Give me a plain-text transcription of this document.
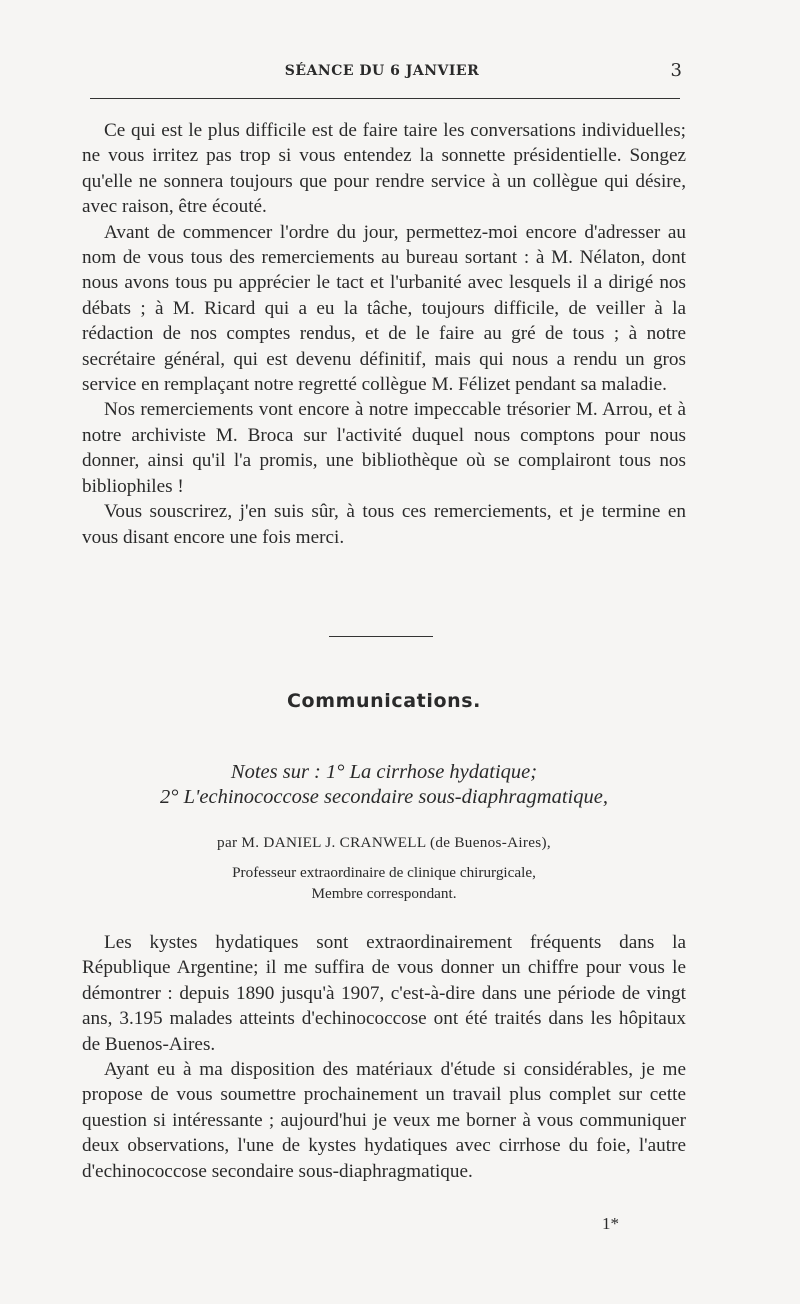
SÉANCE DU 6 JANVIER	3

Ce qui est le plus difficile est de faire taire les conversations individuelles; ne vous irritez pas trop si vous entendez la sonnette présidentielle. Songez qu'elle ne sonnera toujours que pour rendre service à un collègue qui désire, avec raison, être écouté.

Avant de commencer l'ordre du jour, permettez-moi encore d'adresser au nom de vous tous des remerciements au bureau sortant : à M. Nélaton, dont nous avons tous pu apprécier le tact et l'urbanité avec lesquels il a dirigé nos débats ; à M. Ricard qui a eu la tâche, toujours difficile, de veiller à la rédaction de nos comptes rendus, et de le faire au gré de tous ; à notre secrétaire général, qui est devenu définitif, mais qui nous a rendu un gros service en remplaçant notre regretté collègue M. Félizet pendant sa maladie.

Nos remerciements vont encore à notre impeccable trésorier M. Arrou, et à notre archiviste M. Broca sur l'activité duquel nous comptons pour nous donner, ainsi qu'il l'a promis, une bibliothèque où se complairont tous nos bibliophiles !

Vous souscrirez, j'en suis sûr, à tous ces remerciements, et je termine en vous disant encore une fois merci.

Communications.
Notes sur : 1° La cirrhose hydatique;
2° L'echinococcose secondaire sous-diaphragmatique,
par M. DANIEL J. CRANWELL (de Buenos-Aires),
Professeur extraordinaire de clinique chirurgicale,
Membre correspondant.

Les kystes hydatiques sont extraordinairement fréquents dans la République Argentine; il me suffira de vous donner un chiffre pour vous le démontrer : depuis 1890 jusqu'à 1907, c'est-à-dire dans une période de vingt ans, 3.195 malades atteints d'echinococcose ont été traités dans les hôpitaux de Buenos-Aires.

Ayant eu à ma disposition des matériaux d'étude si considérables, je me propose de vous soumettre prochainement un travail plus complet sur cette question si intéressante ; aujourd'hui je veux me borner à vous communiquer deux observations, l'une de kystes hydatiques avec cirrhose du foie, l'autre d'echinococcose secondaire sous-diaphragmatique.

1*
